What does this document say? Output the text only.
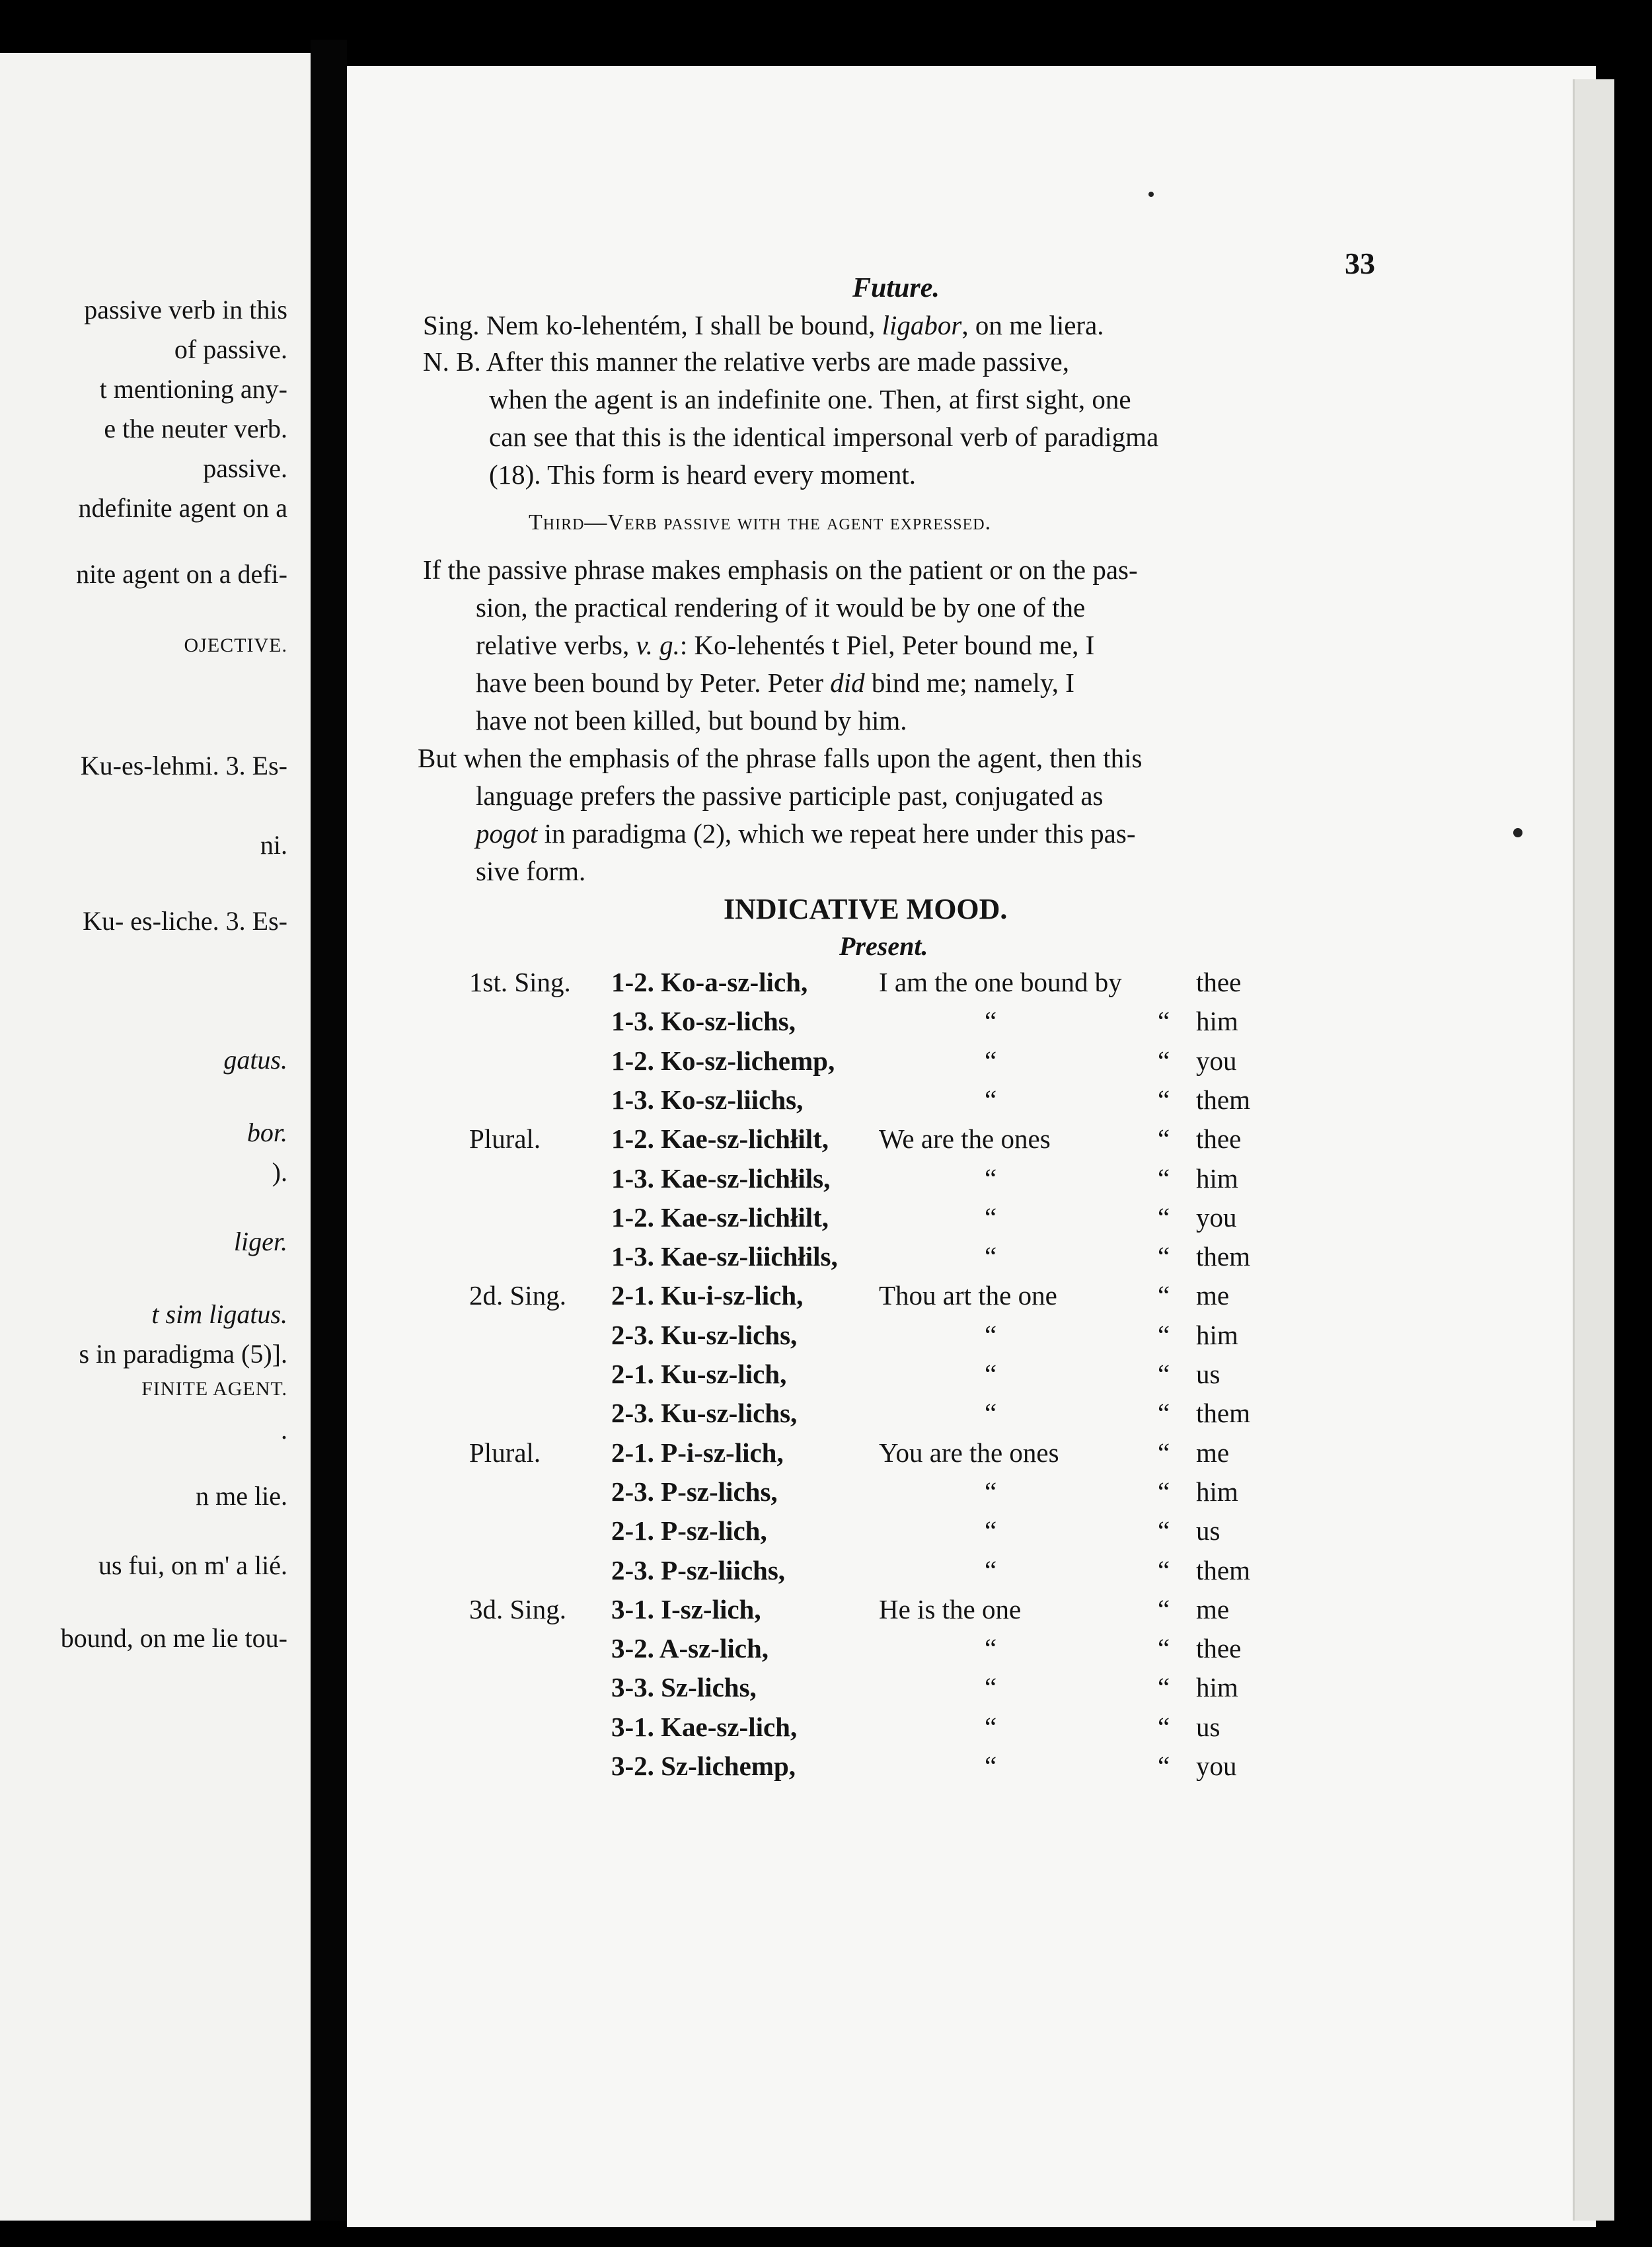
passive verb in this
of passive.
t mentioning any-
e the neuter verb.
passive.
ndefinite agent on a
nite agent on a defi-
OJECTIVE.
Ku-es-lehmi. 3. Es-
ni.
Ku- es-liche. 3. Es-
gatus.
bor.
).
liger.
t sim ligatus.
s in paradigma (5)].
FINITE AGENT.
.
n me lie.
us fui, on m' a lié.
bound, on me lie tou-
33
Future.
Sing. Nem ko-lehentém, I shall be bound, ligabor, on me liera.
N. B. After this manner the relative verbs are made passive,
when the agent is an indefinite one. Then, at first sight, one
can see that this is the identical impersonal verb of paradigma
(18). This form is heard every moment.
Third—Verb passive with the agent expressed.
If the passive phrase makes emphasis on the patient or on the pas-
sion, the practical rendering of it would be by one of the
relative verbs, v. g.: Ko-lehentés t Piel, Peter bound me, I
have been bound by Peter. Peter did bind me; namely, I
have not been killed, but bound by him.
But when the emphasis of the phrase falls upon the agent, then this
language prefers the passive participle past, conjugated as
pogot in paradigma (2), which we repeat here under this pas-
sive form.
INDICATIVE MOOD.
Present.
1st. Sing. 1-2. Ko-a-sz-lich,	I am the one bound by	thee
1-3. Ko-sz-lichs,	“	“ him
1-2. Ko-sz-lichemp,	“	“ you
1-3. Ko-sz-liichs,	“	“ them
Plural.	1-2. Kae-sz-lichłilt, We are the ones	“ thee
1-3. Kae-sz-lichłils,	“	“ him
1-2. Kae-sz-lichłilt,	“	“ you
1-3. Kae-sz-liichłils,	“	“ them
2d. Sing. 2-1. Ku-i-sz-lich,	Thou art the one	“ me
2-3. Ku-sz-lichs,	“	“ him
2-1. Ku-sz-lich,	“	“ us
2-3. Ku-sz-lichs,	“	“ them
Plural.	2-1. P-i-sz-lich,	You are the ones	“ me
2-3. P-sz-lichs,	“	“ him
2-1. P-sz-lich,	“	“ us
2-3. P-sz-liichs,	“	“ them
3d. Sing. 3-1. I-sz-lich,	He is the one	“ me
3-2. A-sz-lich,	“	“ thee
3-3. Sz-lichs,	“	“ him
3-1. Kae-sz-lich,	“	“ us
3-2. Sz-lichemp,	“	“ you
